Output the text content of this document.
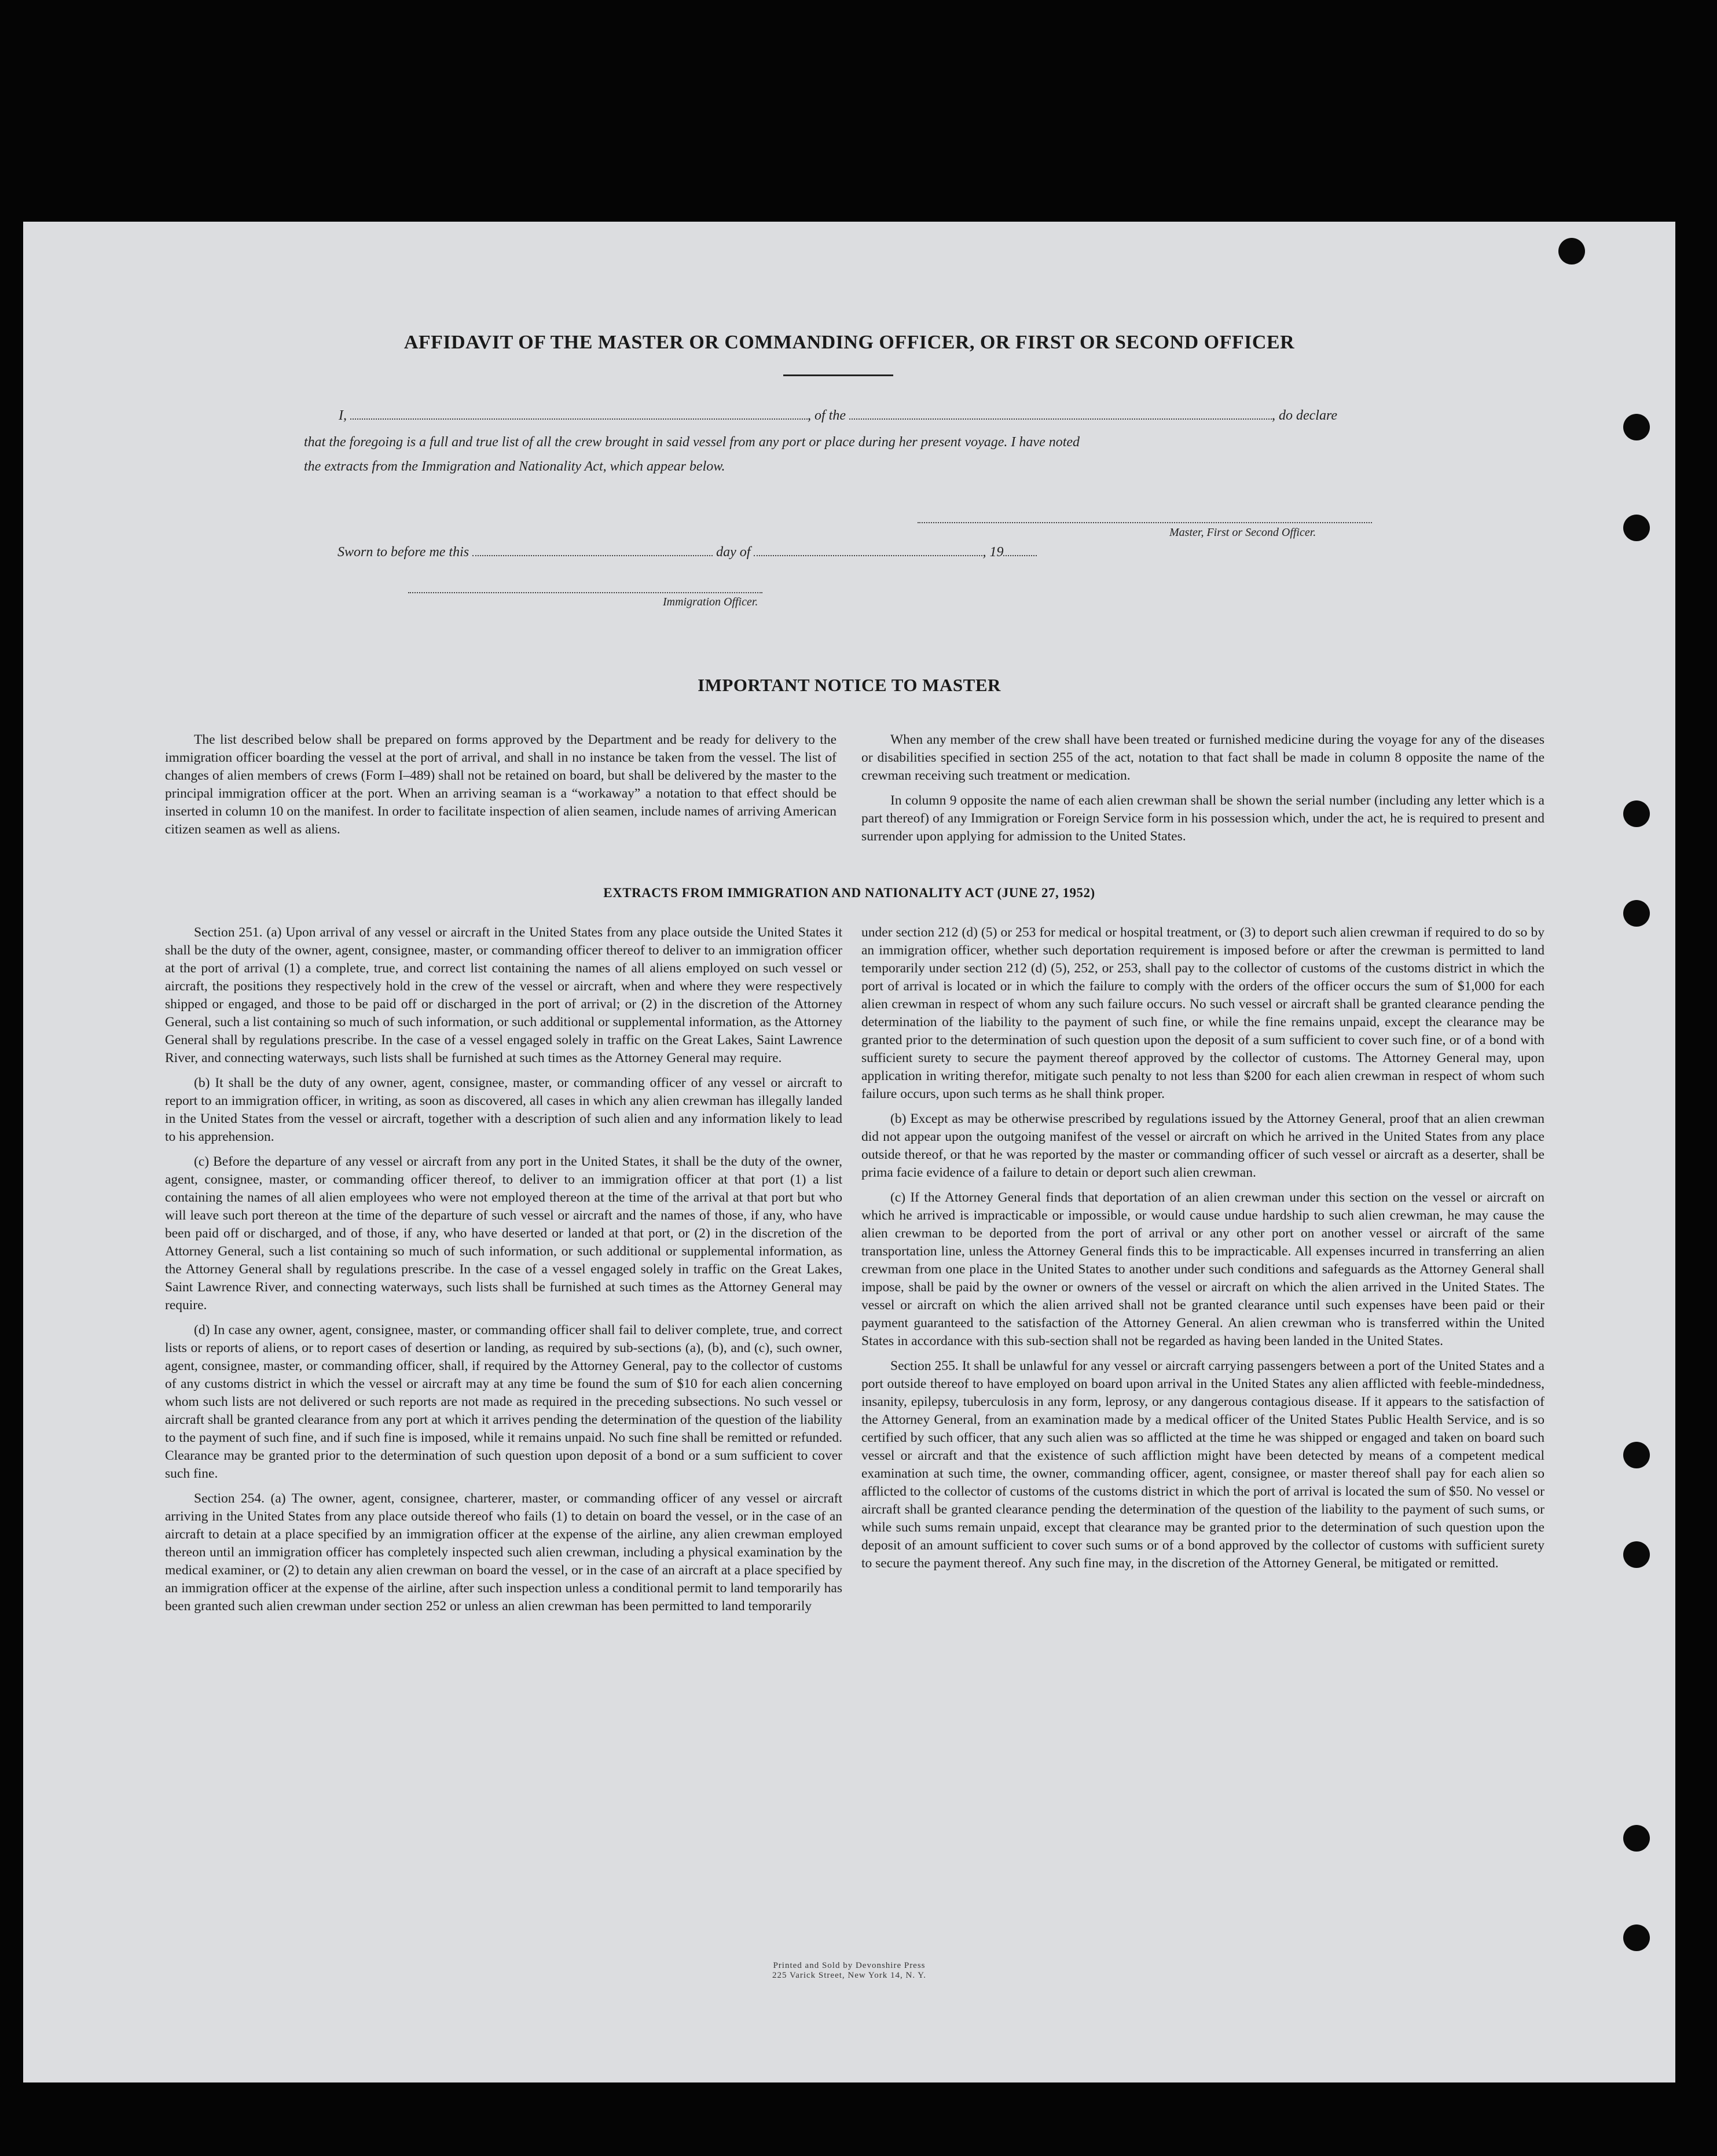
AFFIDAVIT OF THE MASTER OR COMMANDING OFFICER, OR FIRST OR SECOND OFFICER
I,	, of the	, do declare
that the foregoing is a full and true list of all the crew brought in said vessel from any port or place during her present voyage. I have noted
the extracts from the Immigration and Nationality Act, which appear below.
Master, First or Second Officer.
Sworn to before me this	day of	, 19
Immigration Officer.
IMPORTANT NOTICE TO MASTER

The list described below shall be prepared on forms approved by the Department and be ready for delivery to the immigration officer boarding the vessel at the port of arrival, and shall in no instance be taken from the vessel. The list of changes of alien members of crews (Form I–489) shall not be retained on board, but shall be delivered by the master to the principal immigration officer at the port. When an arriving seaman is a “workaway” a notation to that effect should be inserted in column 10 on the manifest. In order to facilitate inspection of alien seamen, include names of arriving American citizen seamen as well as aliens.

When any member of the crew shall have been treated or furnished medicine during the voyage for any of the diseases or disabilities specified in section 255 of the act, notation to that fact shall be made in column 8 opposite the name of the crewman receiving such treatment or medication.

In column 9 opposite the name of each alien crewman shall be shown the serial number (including any letter which is a part thereof) of any Immigration or Foreign Service form in his possession which, under the act, he is required to present and surrender upon applying for admission to the United States.

EXTRACTS FROM IMMIGRATION AND NATIONALITY ACT (JUNE 27, 1952)

Section 251. (a) Upon arrival of any vessel or aircraft in the United States from any place outside the United States it shall be the duty of the owner, agent, consignee, master, or commanding officer thereof to deliver to an immigration officer at the port of arrival (1) a complete, true, and correct list containing the names of all aliens employed on such vessel or aircraft, the positions they respectively hold in the crew of the vessel or aircraft, when and where they were respectively shipped or engaged, and those to be paid off or discharged in the port of arrival; or (2) in the discretion of the Attorney General, such a list containing so much of such information, or such additional or supplemental information, as the Attorney General shall by regulations prescribe. In the case of a vessel engaged solely in traffic on the Great Lakes, Saint Lawrence River, and connecting waterways, such lists shall be furnished at such times as the Attorney General may require.

(b) It shall be the duty of any owner, agent, consignee, master, or commanding officer of any vessel or aircraft to report to an immigration officer, in writing, as soon as discovered, all cases in which any alien crewman has illegally landed in the United States from the vessel or aircraft, together with a description of such alien and any information likely to lead to his apprehension.

(c) Before the departure of any vessel or aircraft from any port in the United States, it shall be the duty of the owner, agent, consignee, master, or commanding officer thereof, to deliver to an immigration officer at that port (1) a list containing the names of all alien employees who were not employed thereon at the time of the arrival at that port but who will leave such port thereon at the time of the departure of such vessel or aircraft and the names of those, if any, who have been paid off or discharged, and of those, if any, who have deserted or landed at that port, or (2) in the discretion of the Attorney General, such a list containing so much of such information, or such additional or supplemental information, as the Attorney General shall by regulations prescribe. In the case of a vessel engaged solely in traffic on the Great Lakes, Saint Lawrence River, and connecting waterways, such lists shall be furnished at such times as the Attorney General may require.

(d) In case any owner, agent, consignee, master, or commanding officer shall fail to deliver complete, true, and correct lists or reports of aliens, or to report cases of desertion or landing, as required by sub-sections (a), (b), and (c), such owner, agent, consignee, master, or commanding officer, shall, if required by the Attorney General, pay to the collector of customs of any customs district in which the vessel or aircraft may at any time be found the sum of $10 for each alien concerning whom such lists are not delivered or such reports are not made as required in the preceding subsections. No such vessel or aircraft shall be granted clearance from any port at which it arrives pending the determination of the question of the liability to the payment of such fine, and if such fine is imposed, while it remains unpaid. No such fine shall be remitted or refunded. Clearance may be granted prior to the determination of such question upon deposit of a bond or a sum sufficient to cover such fine.

Section 254. (a) The owner, agent, consignee, charterer, master, or commanding officer of any vessel or aircraft arriving in the United States from any place outside thereof who fails (1) to detain on board the vessel, or in the case of an aircraft to detain at a place specified by an immigration officer at the expense of the airline, any alien crewman employed thereon until an immigration officer has completely inspected such alien crewman, including a physical examination by the medical examiner, or (2) to detain any alien crewman on board the vessel, or in the case of an aircraft at a place specified by an immigration officer at the expense of the airline, after such inspection unless a conditional permit to land temporarily has been granted such alien crewman under section 252 or unless an alien crewman has been permitted to land temporarily

under section 212 (d) (5) or 253 for medical or hospital treatment, or (3) to deport such alien crewman if required to do so by an immigration officer, whether such deportation requirement is imposed before or after the crewman is permitted to land temporarily under section 212 (d) (5), 252, or 253, shall pay to the collector of customs of the customs district in which the port of arrival is located or in which the failure to comply with the orders of the officer occurs the sum of $1,000 for each alien crewman in respect of whom any such failure occurs. No such vessel or aircraft shall be granted clearance pending the determination of the liability to the payment of such fine, or while the fine remains unpaid, except the clearance may be granted prior to the determination of such question upon the deposit of a sum sufficient to cover such fine, or of a bond with sufficient surety to secure the payment thereof approved by the collector of customs. The Attorney General may, upon application in writing therefor, mitigate such penalty to not less than $200 for each alien crewman in respect of whom such failure occurs, upon such terms as he shall think proper.

(b) Except as may be otherwise prescribed by regulations issued by the Attorney General, proof that an alien crewman did not appear upon the outgoing manifest of the vessel or aircraft on which he arrived in the United States from any place outside thereof, or that he was reported by the master or commanding officer of such vessel or aircraft as a deserter, shall be prima facie evidence of a failure to detain or deport such alien crewman.

(c) If the Attorney General finds that deportation of an alien crewman under this section on the vessel or aircraft on which he arrived is impracticable or impossible, or would cause undue hardship to such alien crewman, he may cause the alien crewman to be deported from the port of arrival or any other port on another vessel or aircraft of the same transportation line, unless the Attorney General finds this to be impracticable. All expenses incurred in transferring an alien crewman from one place in the United States to another under such conditions and safeguards as the Attorney General shall impose, shall be paid by the owner or owners of the vessel or aircraft on which the alien arrived in the United States. The vessel or aircraft on which the alien arrived shall not be granted clearance until such expenses have been paid or their payment guaranteed to the satisfaction of the Attorney General. An alien crewman who is transferred within the United States in accordance with this sub-section shall not be regarded as having been landed in the United States.

Section 255. It shall be unlawful for any vessel or aircraft carrying passengers between a port of the United States and a port outside thereof to have employed on board upon arrival in the United States any alien afflicted with feeble-mindedness, insanity, epilepsy, tuberculosis in any form, leprosy, or any dangerous contagious disease. If it appears to the satisfaction of the Attorney General, from an examination made by a medical officer of the United States Public Health Service, and is so certified by such officer, that any such alien was so afflicted at the time he was shipped or engaged and taken on board such vessel or aircraft and that the existence of such affliction might have been detected by means of a competent medical examination at such time, the owner, commanding officer, agent, consignee, or master thereof shall pay for each alien so afflicted to the collector of customs of the customs district in which the port of arrival is located the sum of $50. No vessel or aircraft shall be granted clearance pending the determination of the question of the liability to the payment of such sums, or while such sums remain unpaid, except that clearance may be granted prior to the determination of such question upon the deposit of an amount sufficient to cover such sums or of a bond approved by the collector of customs with sufficient surety to secure the payment thereof. Any such fine may, in the discretion of the Attorney General, be mitigated or remitted.

Printed and Sold by Devonshire Press
225 Varick Street, New York 14, N. Y.
